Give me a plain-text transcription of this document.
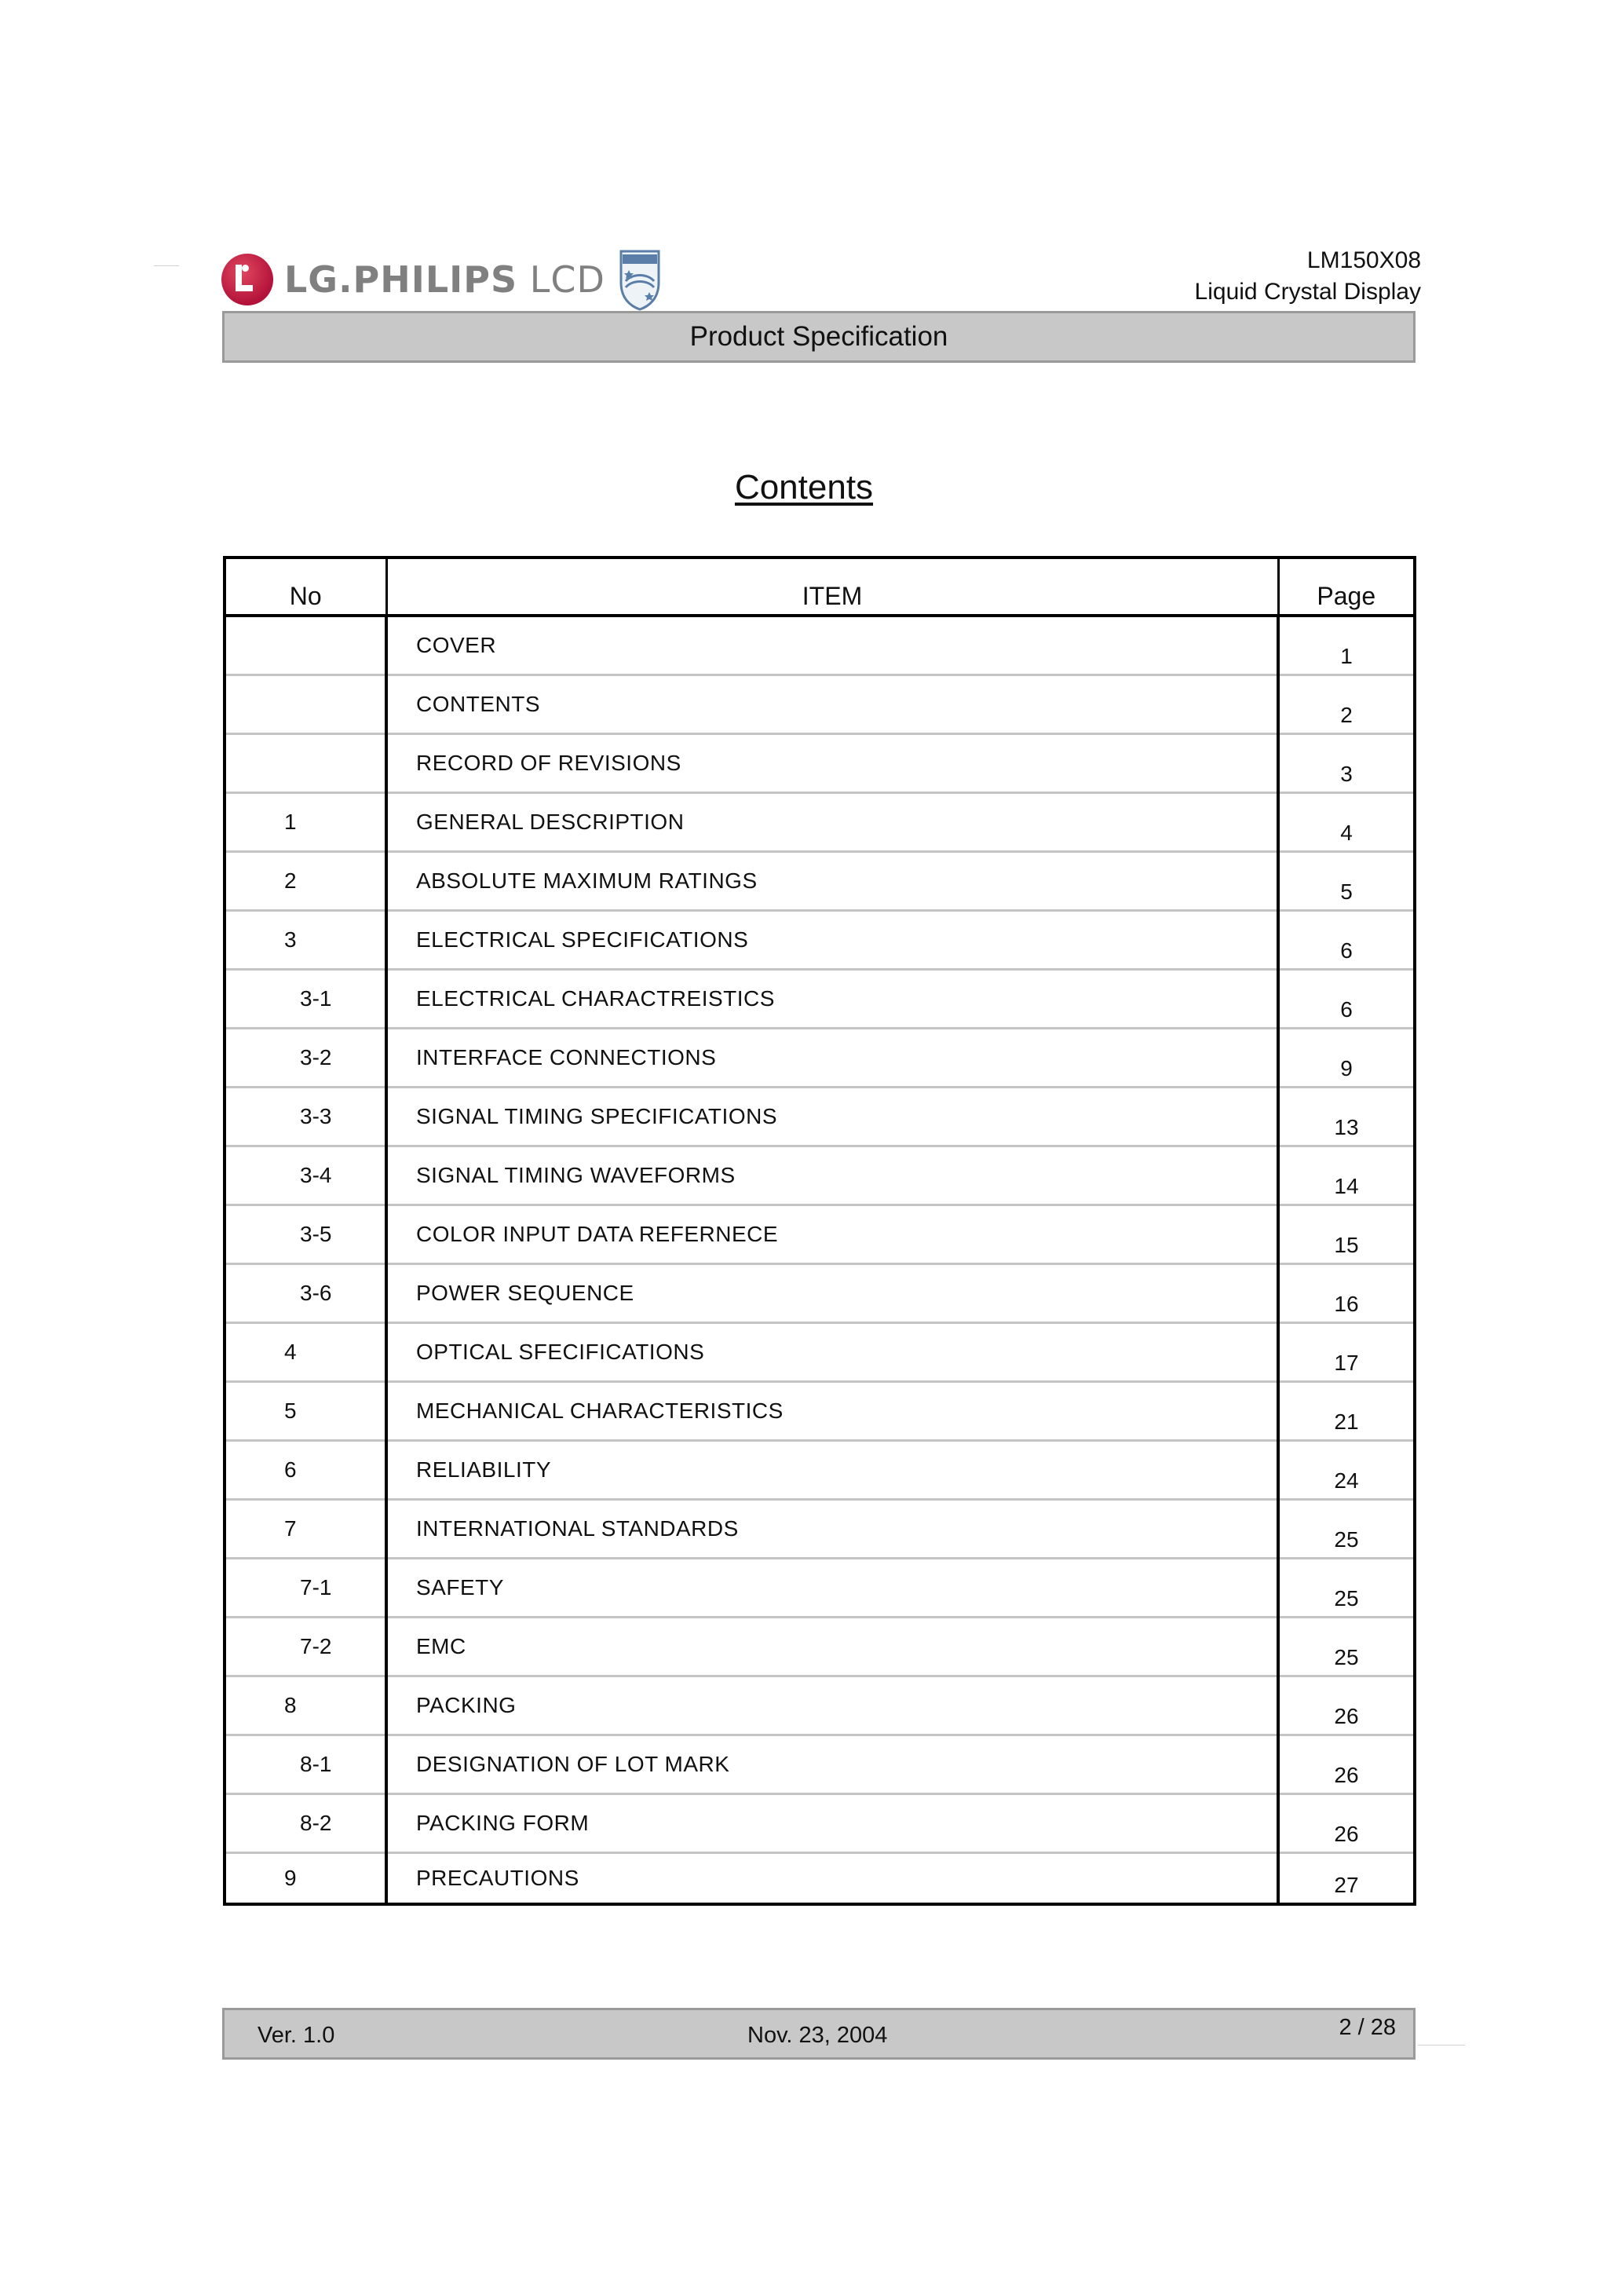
LG.PHILIPS LCD	LM150X08
Liquid Crystal Display
Product Specification
Contents
No	ITEM	Page
	COVER	1
	CONTENTS	2
	RECORD OF REVISIONS	3
1	GENERAL DESCRIPTION	4
2	ABSOLUTE MAXIMUM RATINGS	5
3	ELECTRICAL SPECIFICATIONS	6
3-1	ELECTRICAL CHARACTREISTICS	6
3-2	INTERFACE CONNECTIONS	9
3-3	SIGNAL TIMING SPECIFICATIONS	13
3-4	SIGNAL TIMING WAVEFORMS	14
3-5	COLOR INPUT DATA REFERNECE	15
3-6	POWER SEQUENCE	16
4	OPTICAL SFECIFICATIONS	17
5	MECHANICAL CHARACTERISTICS	21
6	RELIABILITY	24
7	INTERNATIONAL STANDARDS	25
7-1	SAFETY	25
7-2	EMC	25
8	PACKING	26
8-1	DESIGNATION OF LOT MARK	26
8-2	PACKING FORM	26
9	PRECAUTIONS	27
Ver. 1.0	Nov. 23, 2004	2 / 28
